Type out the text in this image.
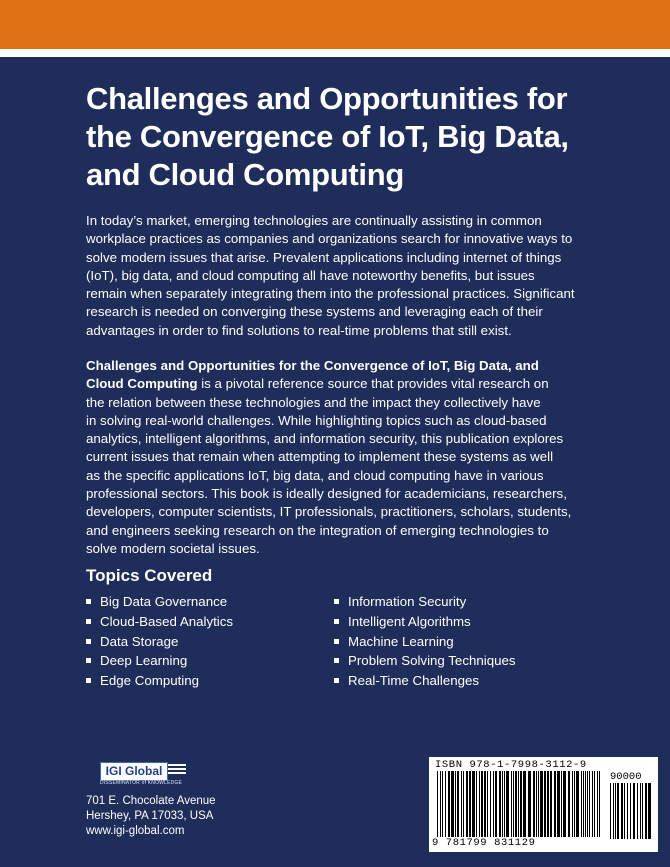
Challenges and Opportunities for
the Convergence of IoT, Big Data,
and Cloud Computing
In today’s market, emerging technologies are continually assisting in common
workplace practices as companies and organizations search for innovative ways to
solve modern issues that arise. Prevalent applications including internet of things
(IoT), big data, and cloud computing all have noteworthy benefits, but issues
remain when separately integrating them into the professional practices. Significant
research is needed on converging these systems and leveraging each of their
advantages in order to find solutions to real-time problems that still exist.
Challenges and Opportunities for the Convergence of IoT, Big Data, and
Cloud Computing is a pivotal reference source that provides vital research on
the relation between these technologies and the impact they collectively have
in solving real-world challenges. While highlighting topics such as cloud-based
analytics, intelligent algorithms, and information security, this publication explores
current issues that remain when attempting to implement these systems as well
as the specific applications IoT, big data, and cloud computing have in various
professional sectors. This book is ideally designed for academicians, researchers,
developers, computer scientists, IT professionals, practitioners, scholars, students,
and engineers seeking research on the integration of emerging technologies to
solve modern societal issues.
Topics Covered
Big Data Governance
Cloud-Based Analytics
Data Storage
Deep Learning
Edge Computing
Information Security
Intelligent Algorithms
Machine Learning
Problem Solving Techniques
Real-Time Challenges
IGI Global
DISSEMINATOR of KNOWLEDGE
701 E. Chocolate Avenue
Hershey, PA 17033, USA
www.igi-global.com
ISBN 978-1-7998-3112-9
90000
9 781799 831129
